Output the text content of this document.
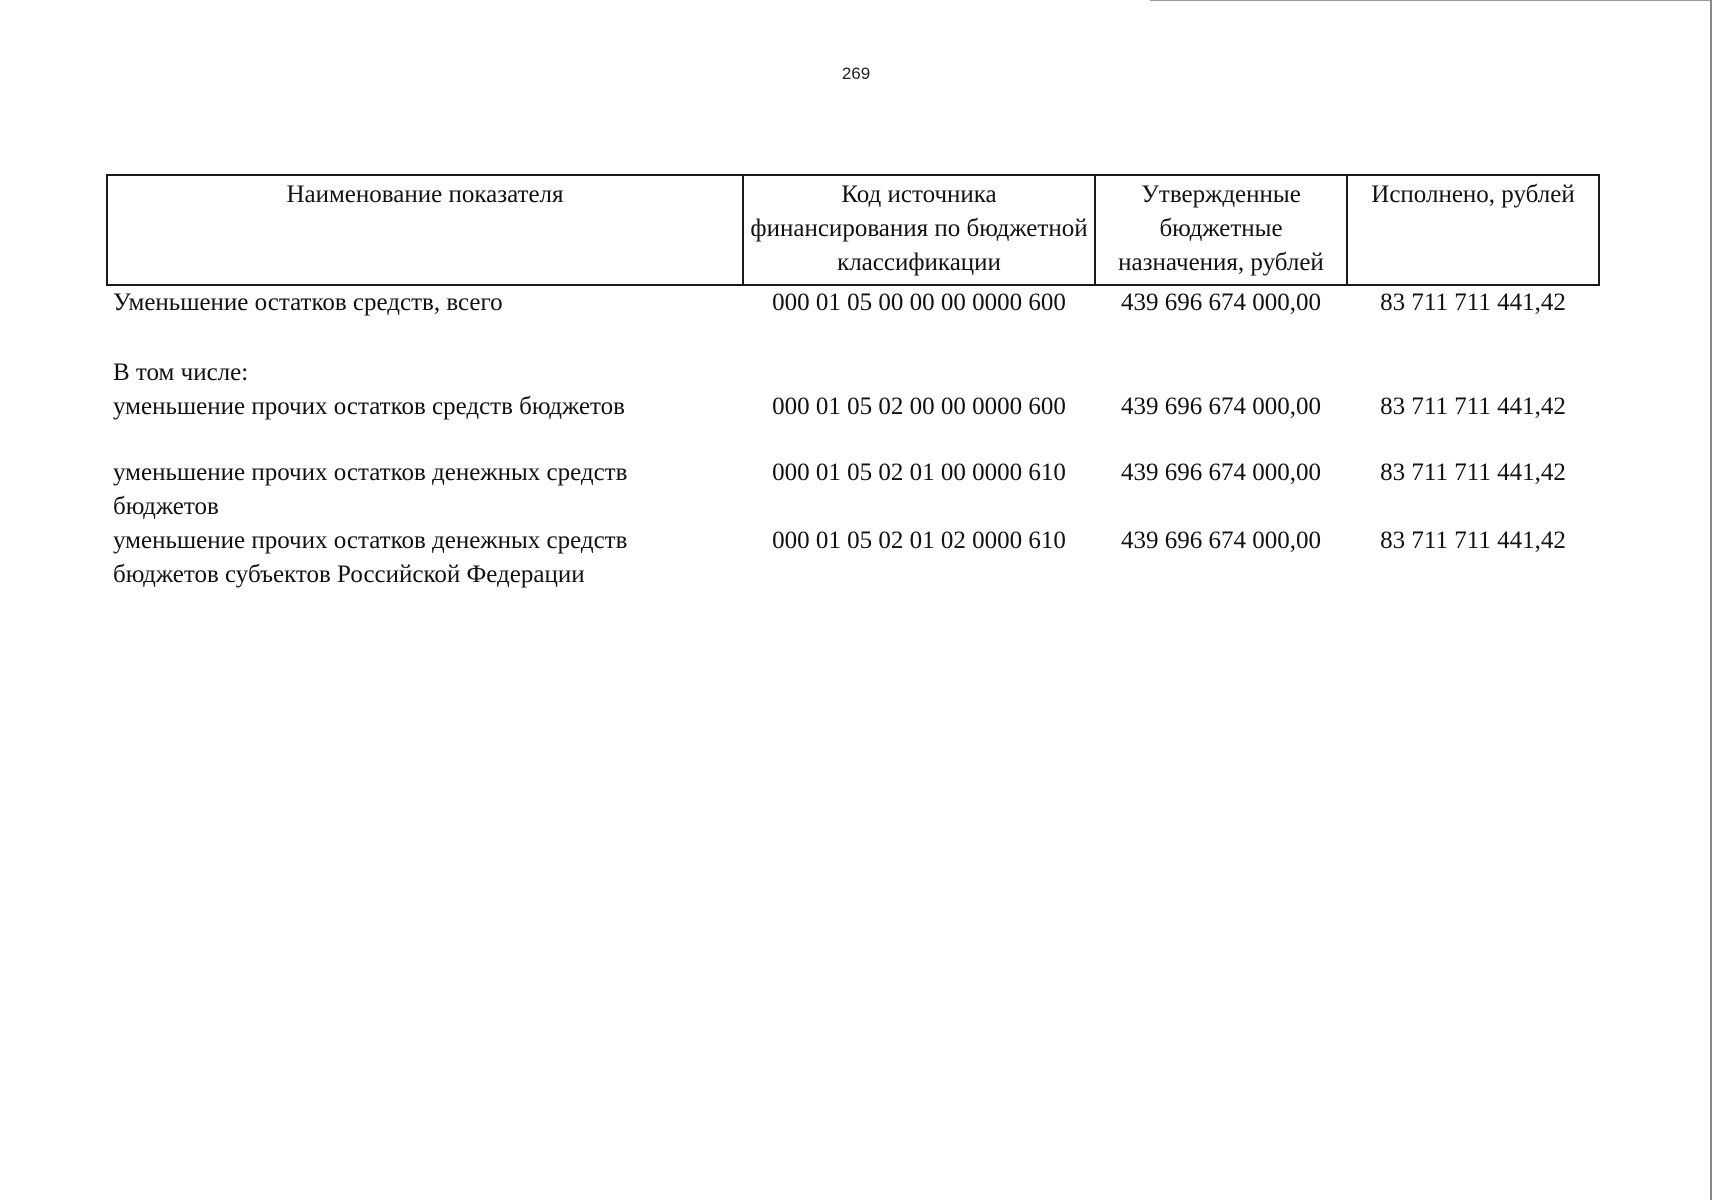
269
Наименование показателя	Код источника финансирования по бюджетной классификации	Утвержденные бюджетные назначения, рублей	Исполнено, рублей
Уменьшение остатков средств, всего	000 01 05 00 00 00 0000 600	439 696 674 000,00	83 711 711 441,42

В том числе:			
уменьшение прочих остатков средств бюджетов	000 01 05 02 00 00 0000 600	439 696 674 000,00	83 711 711 441,42

уменьшение прочих остатков денежных средств бюджетов	000 01 05 02 01 00 0000 610	439 696 674 000,00	83 711 711 441,42
уменьшение прочих остатков денежных средств бюджетов субъектов Российской Федерации	000 01 05 02 01 02 0000 610	439 696 674 000,00	83 711 711 441,42
